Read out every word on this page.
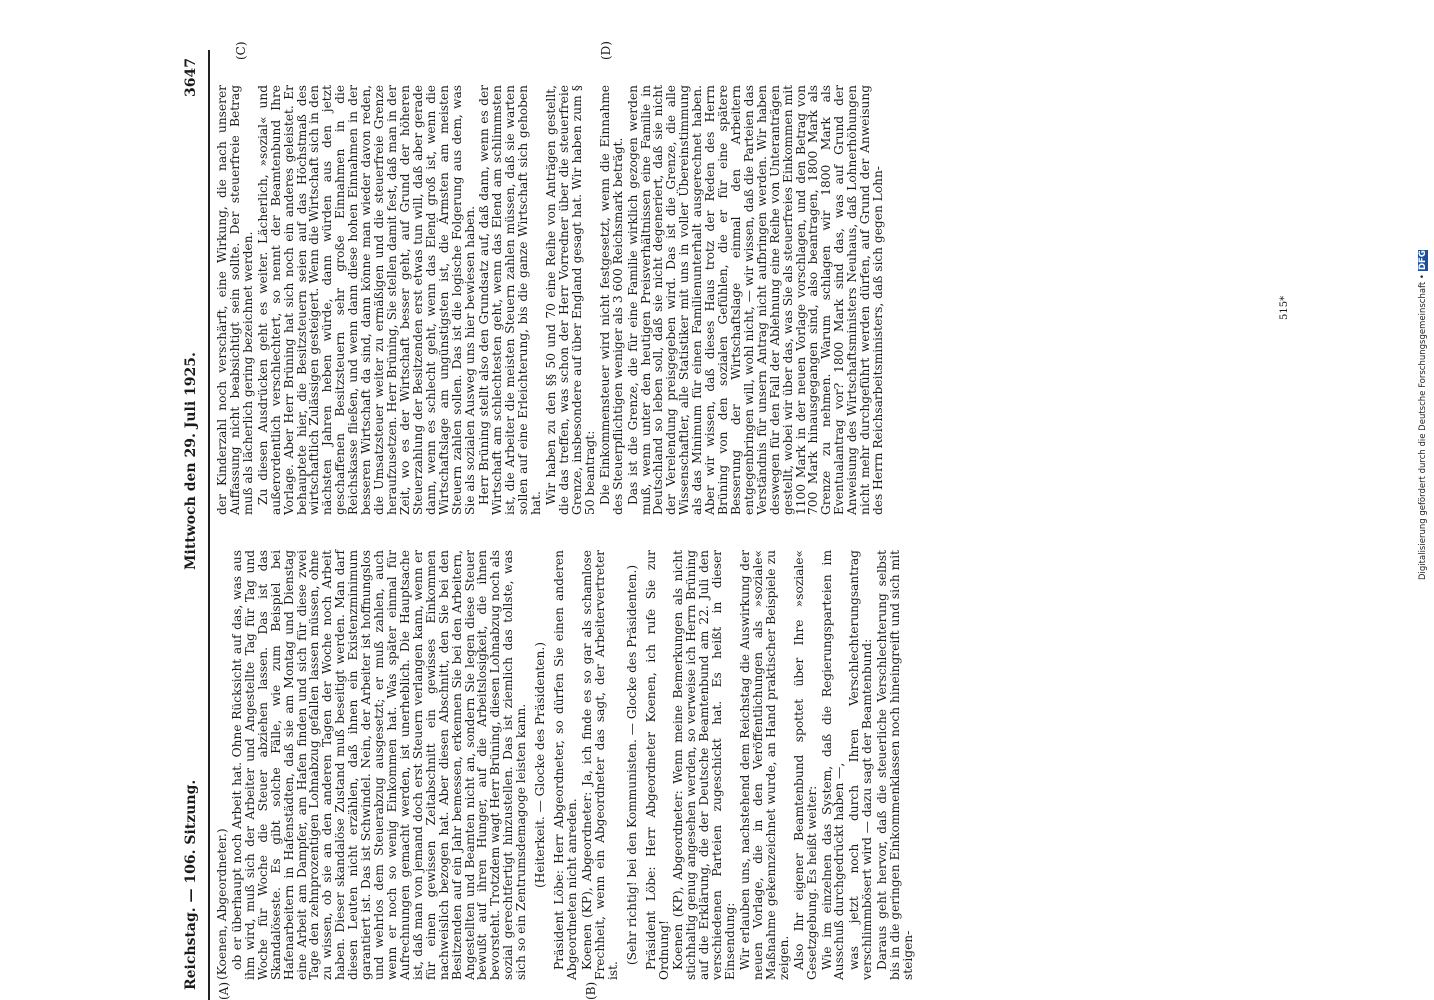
Reichstag. — 106. Sitzung.
Mittwoch den 29. Juli 1925.
3647
(A)	(B)
(C)	(D)

(Koenen, Abgeordneter.) ob er überhaupt noch Arbeit hat. Ohne Rücksicht auf das, was aus ihm wird, muß sich der Arbeiter und Angestellte Tag für Tag und Woche für Woche die Steuer abziehen lassen. Das ist das Skandalöseste. Es gibt solche Fälle, wie zum Beispiel bei Hafenarbeitern in Hafenstädten, daß sie am Montag und Dienstag eine Arbeit am Dampfer, am Hafen finden und sich für diese zwei Tage den zehnprozentigen Lohnabzug gefallen lassen müssen, ohne zu wissen, ob sie an den anderen Tagen der Woche noch Arbeit haben. Dieser skandalöse Zustand muß beseitigt werden. Man darf diesen Leuten nicht erzählen, daß ihnen ein Existenzminimum garantiert ist. Das ist Schwindel. Nein, der Arbeiter ist hoffnungslos und wehrlos dem Steuerabzug ausgesetzt; er muß zahlen, auch wenn er noch so wenig Einkommen hat. Was später einmal für Aufrechnungen gemacht werden, ist unerheblich. Die Hauptsache ist, daß man von jemand doch erst Steuern verlangen kann, wenn er für einen gewissen Zeitabschnitt ein gewisses Einkommen nachweislich bezogen hat. Aber diesen Abschnitt, den Sie bei den Besitzenden auf ein Jahr bemessen, erkennen Sie bei den Arbeitern, Angestellten und Beamten nicht an, sondern Sie legen diese Steuer bewußt auf ihren Hunger, auf die Arbeitslosigkeit, die ihnen bevorsteht. Trotzdem wagt Herr Brüning, diesen Lohnabzug noch als sozial gerechtfertigt hinzustellen. Das ist ziemlich das tollste, was sich so ein Zentrumsdemagoge leisten kann. (Heiterkeit. — Glocke des Präsidenten.) Präsident Löbe: Herr Abgeordneter, so dürfen Sie einen anderen Abgeordneten nicht anreden. Koenen (KP), Abgeordneter: Ja, ich finde es so gar als schamlose Frechheit, wenn ein Abgeordneter das sagt, der Arbeitervertreter ist.

(Sehr richtig! bei den Kommunisten. — Glocke des Präsidenten.) Präsident Löbe: Herr Abgeordneter Koenen, ich rufe Sie zur Ordnung! Koenen (KP), Abgeordneter: Wenn meine Bemerkungen als nicht stichhaltig genug angesehen werden, so verweise ich Herrn Brüning auf die Erklärung, die der Deutsche Beamtenbund am 22. Juli den verschiedenen Parteien zugeschickt hat. Es heißt in dieser Einsendung: Wir erlauben uns, nachstehend dem Reichstag die Auswirkung der neuen Vorlage, die in den Veröffentlichungen als »soziale« Maßnahme gekennzeichnet wurde, an Hand praktischer Beispiele zu zeigen. Also Ihr eigener Beamtenbund spottet über Ihre »soziale« Gesetzgebung. Es heißt weiter: Wie im einzelnen das System, daß die Regierungsparteien im Ausschuß durchgedrückt haben —, was jetzt noch durch Ihren Verschlechterungsantrag verschlimmbösert wird — dazu sagt der Beamtenbund: Daraus geht hervor, daß die steuerliche Verschlechterung selbst bis in die geringen Einkommenklassen noch hineingreift und sich mit steigen-

der Kinderzahl noch verschärft, eine Wirkung, die nach unserer Auffassung nicht beabsichtigt sein sollte. Der steuerfreie Betrag muß als lächerlich gering bezeichnet werden. Zu diesen Ausdrücken geht es weiter. Lächerlich, »sozial« und außerordentlich verschlechtert, so nennt der Beamtenbund Ihre Vorlage. Aber Herr Brüning hat sich noch ein anderes geleistet. Er behauptete hier, die Besitzsteuern seien auf das Höchstmaß des wirtschaftlich Zulässigen gesteigert. Wenn die Wirtschaft sich in den nächsten Jahren heben würde, dann würden aus den jetzt geschaffenen Besitzsteuern sehr große Einnahmen in die Reichskasse fließen, und wenn dann diese hohen Einnahmen in der besseren Wirtschaft da sind, dann könne man wieder davon reden, die Umsatzsteuer weiter zu ermäßigen und die steuerfreie Grenze heraufzusetzen. Herr Brüning, Sie stellen damit fest, daß man in der Zeit, wo es der Wirtschaft besser geht, auf Grund der höheren Steuerzahlung der Besitzenden erst etwas tun will, daß aber gerade dann, wenn es schlecht geht, wenn das Elend groß ist, wenn die Wirtschaftslage am ungünstigsten ist, die Ärmsten am meisten Steuern zahlen sollen. Das ist die logische Folgerung aus dem, was Sie als sozialen Ausweg uns hier bewiesen haben. Herr Brüning stellt also den Grundsatz auf, daß dann, wenn es der Wirtschaft am schlechtesten geht, wenn das Elend am schlimmsten ist, die Arbeiter die meisten Steuern zahlen müssen, daß sie warten sollen auf eine Erleichterung, bis die ganze Wirtschaft sich gehoben hat. Wir haben zu den §§ 50 und 70 eine Reihe von Anträgen gestellt, die das treffen, was schon der Herr Vorredner über die steuerfreie Grenze, insbesondere auf über England gesagt hat. Wir haben zum § 50 beantragt: Die Einkommensteuer wird nicht festgesetzt, wenn die Einnahme des Steuerpflichtigen weniger als 3 600 Reichsmark beträgt. Das ist die Grenze, die für eine Familie wirklich gezogen werden muß, wenn unter den heutigen Preisverhältnissen eine Familie in Deutschland so leben soll, daß sie nicht degeneriert, daß sie nicht der Verelendung preisgegeben wird. Das ist die Grenze, die alle Wissenschaftler, alle Statistiker mit uns in voller Übereinstimmung als das Minimum für einen Familienunterhalt ausgerechnet haben. Aber wir wissen, daß dieses Haus trotz der Reden des Herrn Brüning von den sozialen Gefühlen, die er für eine spätere Besserung der Wirtschaftslage einmal den Arbeitern entgegenbringen will, wohl nicht, — wir wissen, daß die Parteien das Verständnis für unsern Antrag nicht aufbringen werden. Wir haben deswegen für den Fall der Ablehnung eine Reihe von Unteranträgen gestellt, wobei wir über das, was Sie als steuerfreies Einkommen mit 1100 Mark in der neuen Vorlage vorschlagen, und den Betrag von 700 Mark hinausgegangen sind, also beantragen, 1800 Mark als Grenze zu nehmen. Warum schlagen wir 1800 Mark als Eventualantrag vor? 1800 Mark sind das, was auf Grund der Anweisung des Wirtschaftsministers Neuhaus, daß Lohnerhöhungen nicht mehr durchgeführt werden dürfen, auf Grund der Anweisung des Herrn Reichsarbeitsministers, daß sich gegen Lohn-	515*	Digitalisierung gefördert durch die Deutsche Forschungsgemeinschaft • DFG
